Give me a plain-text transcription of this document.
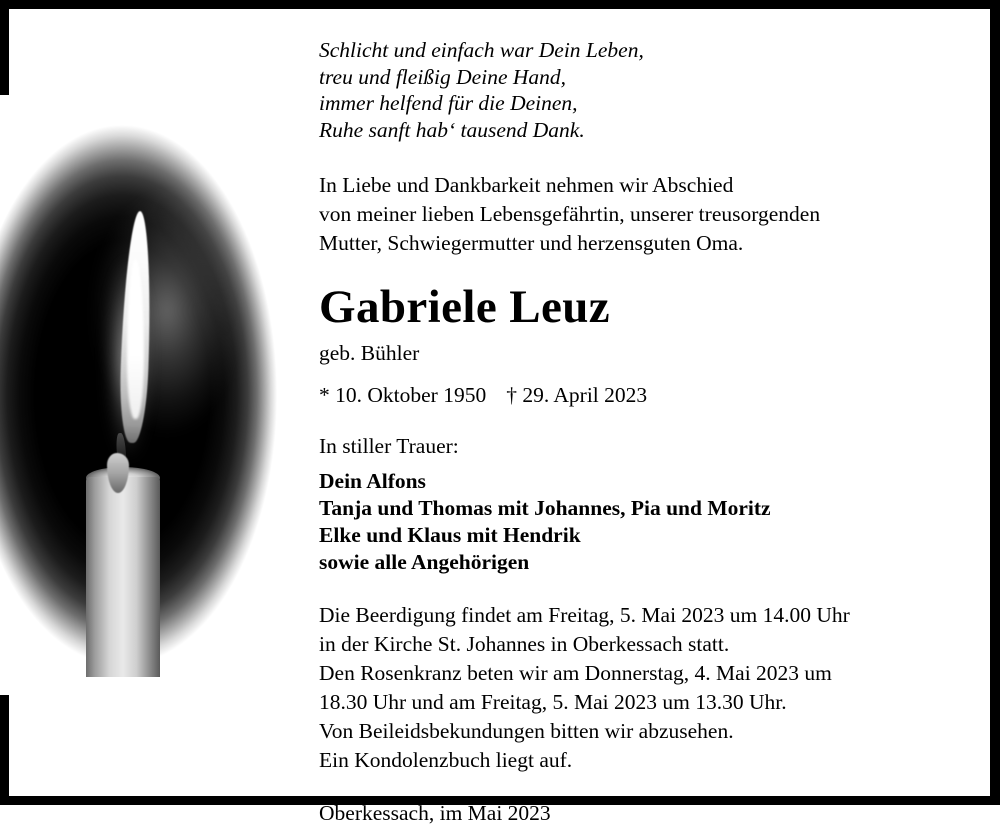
Schlicht und einfach war Dein Leben,
treu und fleißig Deine Hand,
immer helfend für die Deinen,
Ruhe sanft hab‘ tausend Dank.
In Liebe und Dankbarkeit nehmen wir Abschied
von meiner lieben Lebensgefährtin, unserer treusorgenden
Mutter, Schwiegermutter und herzensguten Oma.
Gabriele Leuz
geb. Bühler
* 10. Oktober 1950 † 29. April 2023
In stiller Trauer:
Dein Alfons
Tanja und Thomas mit Johannes, Pia und Moritz
Elke und Klaus mit Hendrik
sowie alle Angehörigen
Die Beerdigung findet am Freitag, 5. Mai 2023 um 14.00 Uhr
in der Kirche St. Johannes in Oberkessach statt.
Den Rosenkranz beten wir am Donnerstag, 4. Mai 2023 um
18.30 Uhr und am Freitag, 5. Mai 2023 um 13.30 Uhr.
Von Beileidsbekundungen bitten wir abzusehen.
Ein Kondolenzbuch liegt auf.
Oberkessach, im Mai 2023
